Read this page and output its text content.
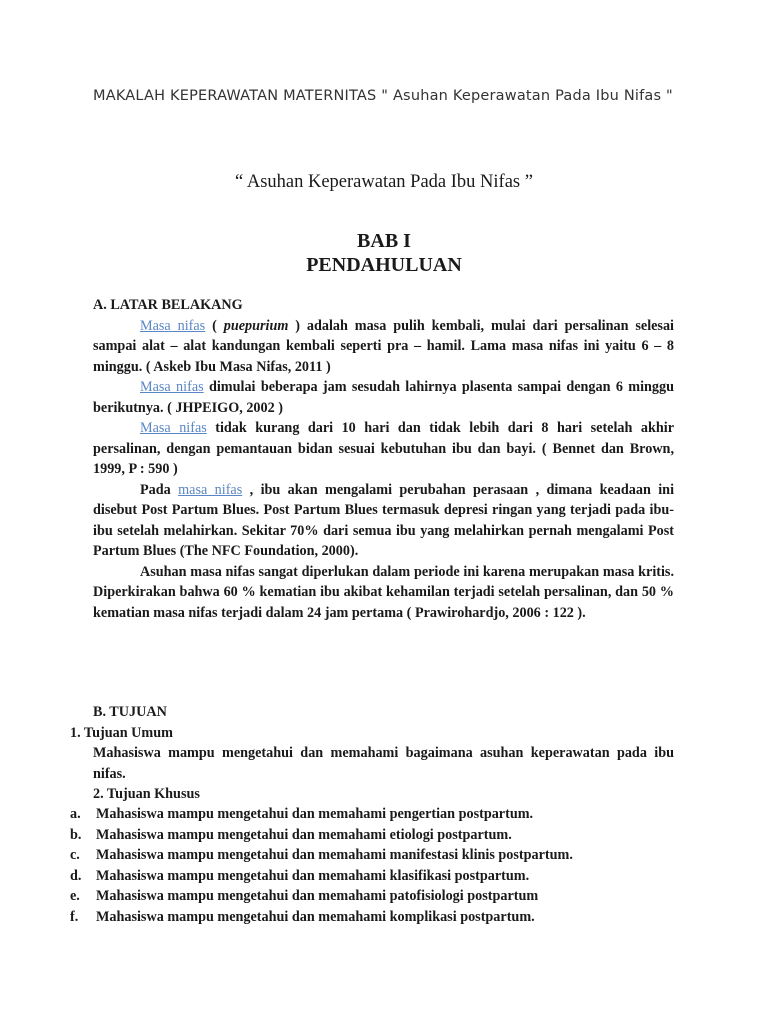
MAKALAH KEPERAWATAN MATERNITAS " Asuhan Keperawatan Pada Ibu Nifas "
“ Asuhan Keperawatan Pada Ibu Nifas ”
BAB I
PENDAHULUAN

A. LATAR BELAKANG

Masa nifas ( puepurium ) adalah masa pulih kembali, mulai dari persalinan selesai sampai alat – alat kandungan kembali seperti pra – hamil. Lama masa nifas ini yaitu 6 – 8 minggu. ( Askeb Ibu Masa Nifas, 2011 )

Masa nifas dimulai beberapa jam sesudah lahirnya plasenta sampai dengan 6 minggu berikutnya. ( JHPEIGO, 2002 )

Masa nifas tidak kurang dari 10 hari dan tidak lebih dari 8 hari setelah akhir persalinan, dengan pemantauan bidan sesuai kebutuhan ibu dan bayi. ( Bennet dan Brown, 1999, P : 590 )

Pada masa nifas , ibu akan mengalami perubahan perasaan , dimana keadaan ini disebut Post Partum Blues. Post Partum Blues termasuk depresi ringan yang terjadi pada ibu-ibu setelah melahirkan. Sekitar 70% dari semua ibu yang melahirkan pernah mengalami Post Partum Blues (The NFC Foundation, 2000).

Asuhan masa nifas sangat diperlukan dalam periode ini karena merupakan masa kritis. Diperkirakan bahwa 60 % kematian ibu akibat kehamilan terjadi setelah persalinan, dan 50 % kematian masa nifas terjadi dalam 24 jam pertama ( Prawirohardjo, 2006 : 122 ).

B. TUJUAN
1. Tujuan Umum

Mahasiswa mampu mengetahui dan memahami bagaimana asuhan keperawatan pada ibu nifas.

2. Tujuan Khusus
a. Mahasiswa mampu mengetahui dan memahami pengertian postpartum.
b. Mahasiswa mampu mengetahui dan memahami etiologi postpartum.
c. Mahasiswa mampu mengetahui dan memahami manifestasi klinis postpartum.
d. Mahasiswa mampu mengetahui dan memahami klasifikasi postpartum.
e. Mahasiswa mampu mengetahui dan memahami patofisiologi postpartum
f. Mahasiswa mampu mengetahui dan memahami komplikasi postpartum.
